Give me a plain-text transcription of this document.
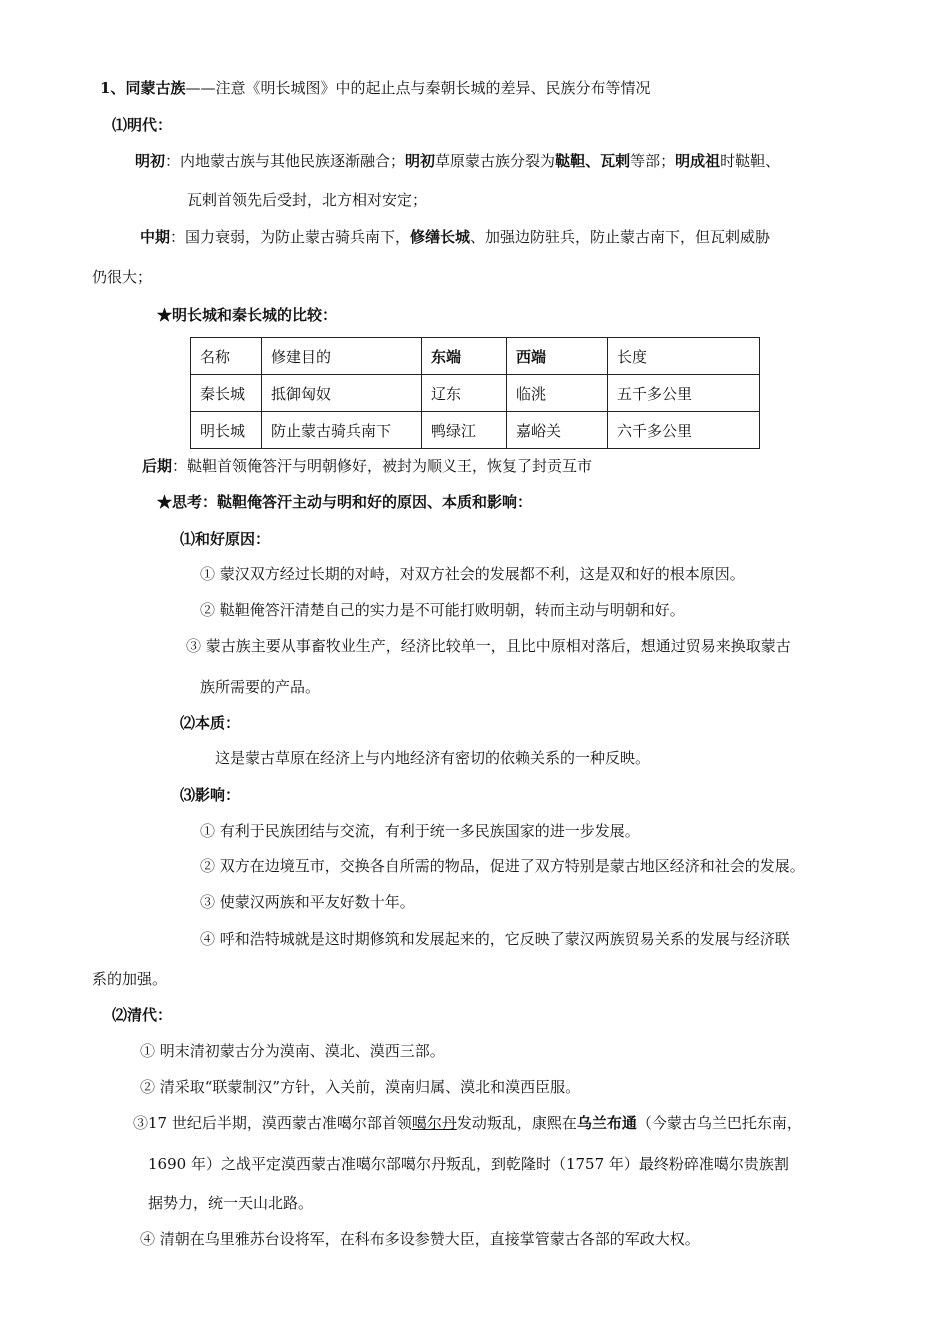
1、同蒙古族——注意《明长城图》中的起止点与秦朝长城的差异、民族分布等情况
⑴明代：
明初：内地蒙古族与其他民族逐渐融合；明初草原蒙古族分裂为鞑靼、瓦剌等部；明成祖时鞑靼、
瓦剌首领先后受封，北方相对安定；
中期：国力衰弱，为防止蒙古骑兵南下，修缮长城、加强边防驻兵，防止蒙古南下，但瓦剌威胁
仍很大；
★明长城和秦长城的比较：
名称	修建目的	东端	西端	长度
秦长城	抵御匈奴	辽东	临洮	五千多公里
明长城	防止蒙古骑兵南下	鸭绿江	嘉峪关	六千多公里
后期：鞑靼首领俺答汗与明朝修好，被封为顺义王，恢复了封贡互市
★思考：鞑靼俺答汗主动与明和好的原因、本质和影响：
⑴和好原因：
① 蒙汉双方经过长期的对峙，对双方社会的发展都不利，这是双和好的根本原因。
② 鞑靼俺答汗清楚自己的实力是不可能打败明朝，转而主动与明朝和好。
③ 蒙古族主要从事畜牧业生产，经济比较单一，且比中原相对落后，想通过贸易来换取蒙古
族所需要的产品。
⑵本质：
这是蒙古草原在经济上与内地经济有密切的依赖关系的一种反映。
⑶影响：
① 有利于民族团结与交流，有利于统一多民族国家的进一步发展。
② 双方在边境互市，交换各自所需的物品，促进了双方特别是蒙古地区经济和社会的发展。
③ 使蒙汉两族和平友好数十年。
④ 呼和浩特城就是这时期修筑和发展起来的，它反映了蒙汉两族贸易关系的发展与经济联
系的加强。
⑵清代：
① 明末清初蒙古分为漠南、漠北、漠西三部。
② 清采取“联蒙制汉”方针，入关前，漠南归属、漠北和漠西臣服。
③17 世纪后半期，漠西蒙古准噶尔部首领噶尔丹发动叛乱，康熙在乌兰布通（今蒙古乌兰巴托东南，
1690 年）之战平定漠西蒙古准噶尔部噶尔丹叛乱，到乾隆时（1757 年）最终粉碎准噶尔贵族割
据势力，统一天山北路。
④ 清朝在乌里雅苏台设将军，在科布多设参赞大臣，直接掌管蒙古各部的军政大权。
